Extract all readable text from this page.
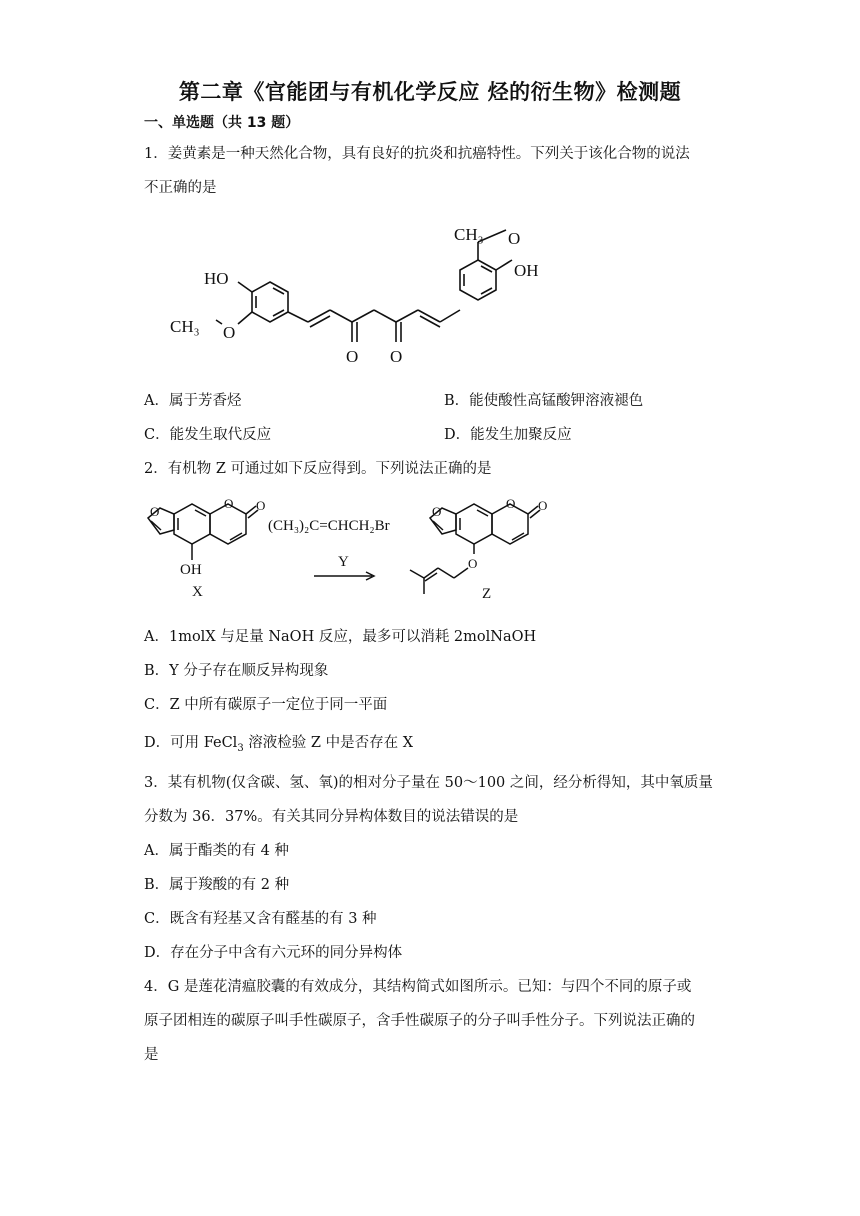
第二章《官能团与有机化学反应 烃的衍生物》检测题
一、单选题（共 13 题）
1．姜黄素是一种天然化合物，具有良好的抗炎和抗癌特性。下列关于该化合物的说法
不正确的是
HO
CH₃ O
O O
CH₃ O
OH
A．属于芳香烃	B．能使酸性高锰酸钾溶液褪色
C．能发生取代反应	D．能发生加聚反应
2．有机物 Z 可通过如下反应得到。下列说法正确的是
O
O O
OH
X
(CH₃)₂C=CHCH₂Br
Y
O
O O
O
Z
A．1molX 与足量 NaOH 反应，最多可以消耗 2molNaOH
B．Y 分子存在顺反异构现象
C．Z 中所有碳原子一定位于同一平面
D．可用 FeCl$_3$ 溶液检验 Z 中是否存在 X
3．某有机物(仅含碳、氢、氧)的相对分子量在 50～100 之间，经分析得知，其中氧质量
分数为 36．37%。有关其同分异构体数目的说法错误的是
A．属于酯类的有 4 种
B．属于羧酸的有 2 种
C．既含有羟基又含有醛基的有 3 种
D．存在分子中含有六元环的同分异构体
4．G 是莲花清瘟胶囊的有效成分，其结构简式如图所示。已知：与四个不同的原子或
原子团相连的碳原子叫手性碳原子，含手性碳原子的分子叫手性分子。下列说法正确的
是
